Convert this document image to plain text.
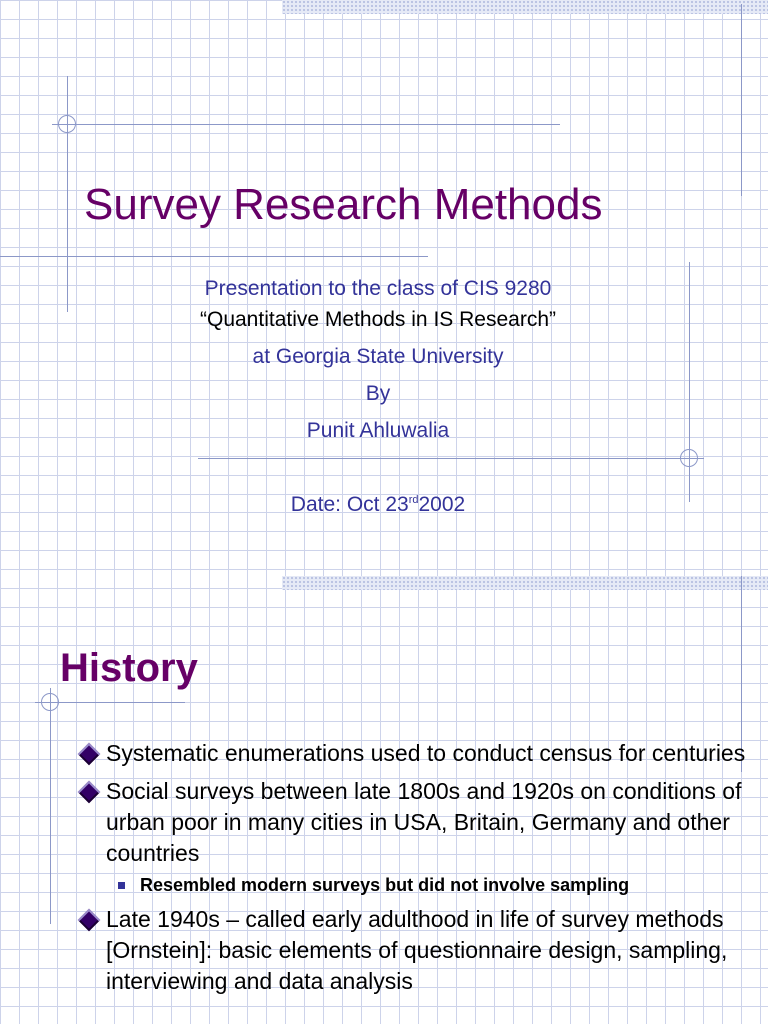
Survey Research Methods
Presentation to the class of CIS 9280
“Quantitative Methods in IS Research”
at Georgia State University
By
Punit Ahluwalia
Date: Oct 23rd2002
History
Systematic enumerations used to conduct census for centuries
Social surveys between late 1800s and 1920s on conditions of urban poor in many cities in USA, Britain, Germany and other countries
Resembled modern surveys but did not involve sampling
Late 1940s – called early adulthood in life of survey methods [Ornstein]: basic elements of questionnaire design, sampling, interviewing and data analysis
